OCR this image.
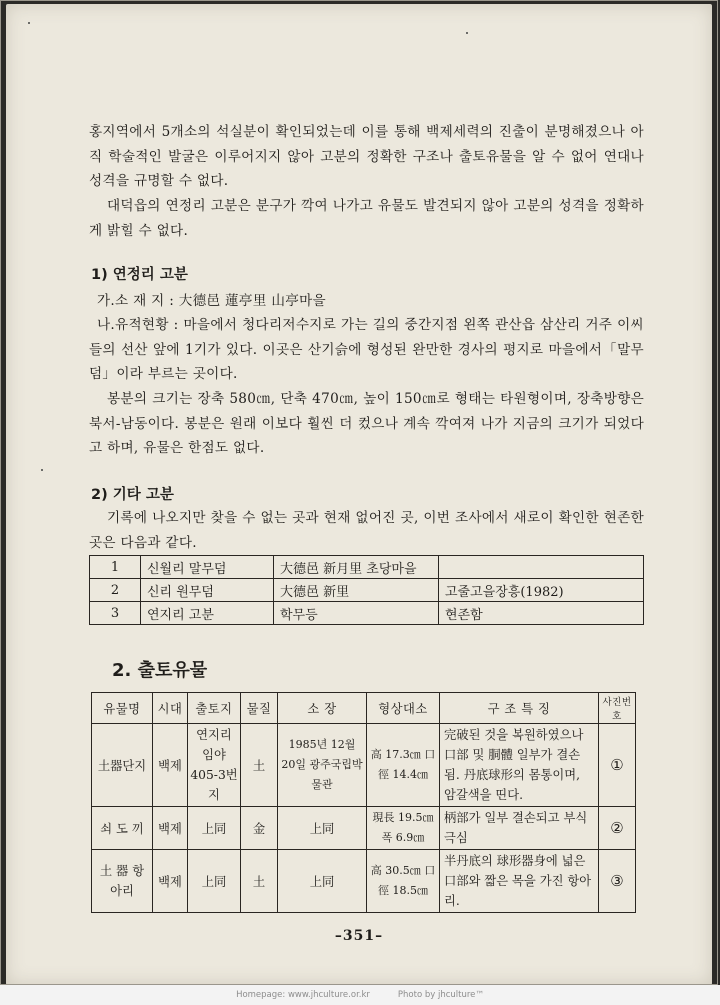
홍지역에서 5개소의 석실분이 확인되었는데 이를 통해 백제세력의 진출이 분명해졌으나 아직 학술적인 발굴은 이루어지지 않아 고분의 정확한 구조나 출토유물을 알 수 없어 연대나 성격을 규명할 수 없다.
대덕읍의 연정리 고분은 분구가 깍여 나가고 유물도 발견되지 않아 고분의 성격을 정확하게 밝힐 수 없다.
1) 연정리 고분
가.소 재 지 : 大德邑 蓮亭里 山亭마을
나.유적현황 : 마을에서 청다리저수지로 가는 길의 중간지점 왼쪽 관산읍 삼산리 거주 이씨들의 선산 앞에 1기가 있다. 이곳은 산기슭에 형성된 완만한 경사의 평지로 마을에서「말무덤」이라 부르는 곳이다.
봉분의 크기는 장축 580㎝, 단축 470㎝, 높이 150㎝로 형태는 타원형이며, 장축방향은 북서-남동이다. 봉분은 원래 이보다 훨씬 더 컸으나 계속 깍여져 나가 지금의 크기가 되었다고 하며, 유물은 한점도 없다.
2) 기타 고분
기록에 나오지만 찾을 수 없는 곳과 현재 없어진 곳, 이번 조사에서 새로이 확인한 현존한 곳은 다음과 같다.
1	신월리 말무덤	大德邑 新月里 초당마을	
2	신리 원무덤	大德邑 新里	고줄고을장흥(1982)
3	연지리 고분	학무등	현존함
2. 출토유물
유물명	시대	출토지	물질	소 장	형상대소	구 조 특 징	사진번호
土器단지	백제	연지리 임야 405-3번지	土	1985년 12월 20일 광주국립박물관	高 17.3㎝ 口徑 14.4㎝	完破된 것을 복원하였으나 口部 및 胴體 일부가 결손됨. 丹底球形의 몸통이며, 암갈색을 띤다.	①
쇠 도 끼	백제	上同	金	上同	現長 19.5㎝ 폭 6.9㎝	柄部가 일부 결손되고 부식극심	②
土 器 항아리	백제	上同	土	上同	高 30.5㎝ 口徑 18.5㎝	半丹底의 球形器身에 넓은 口部와 짧은 목을 가진 항아리.	③
–351–
Homepage: www.jhculture.or.kr	Photo by jhculture™
